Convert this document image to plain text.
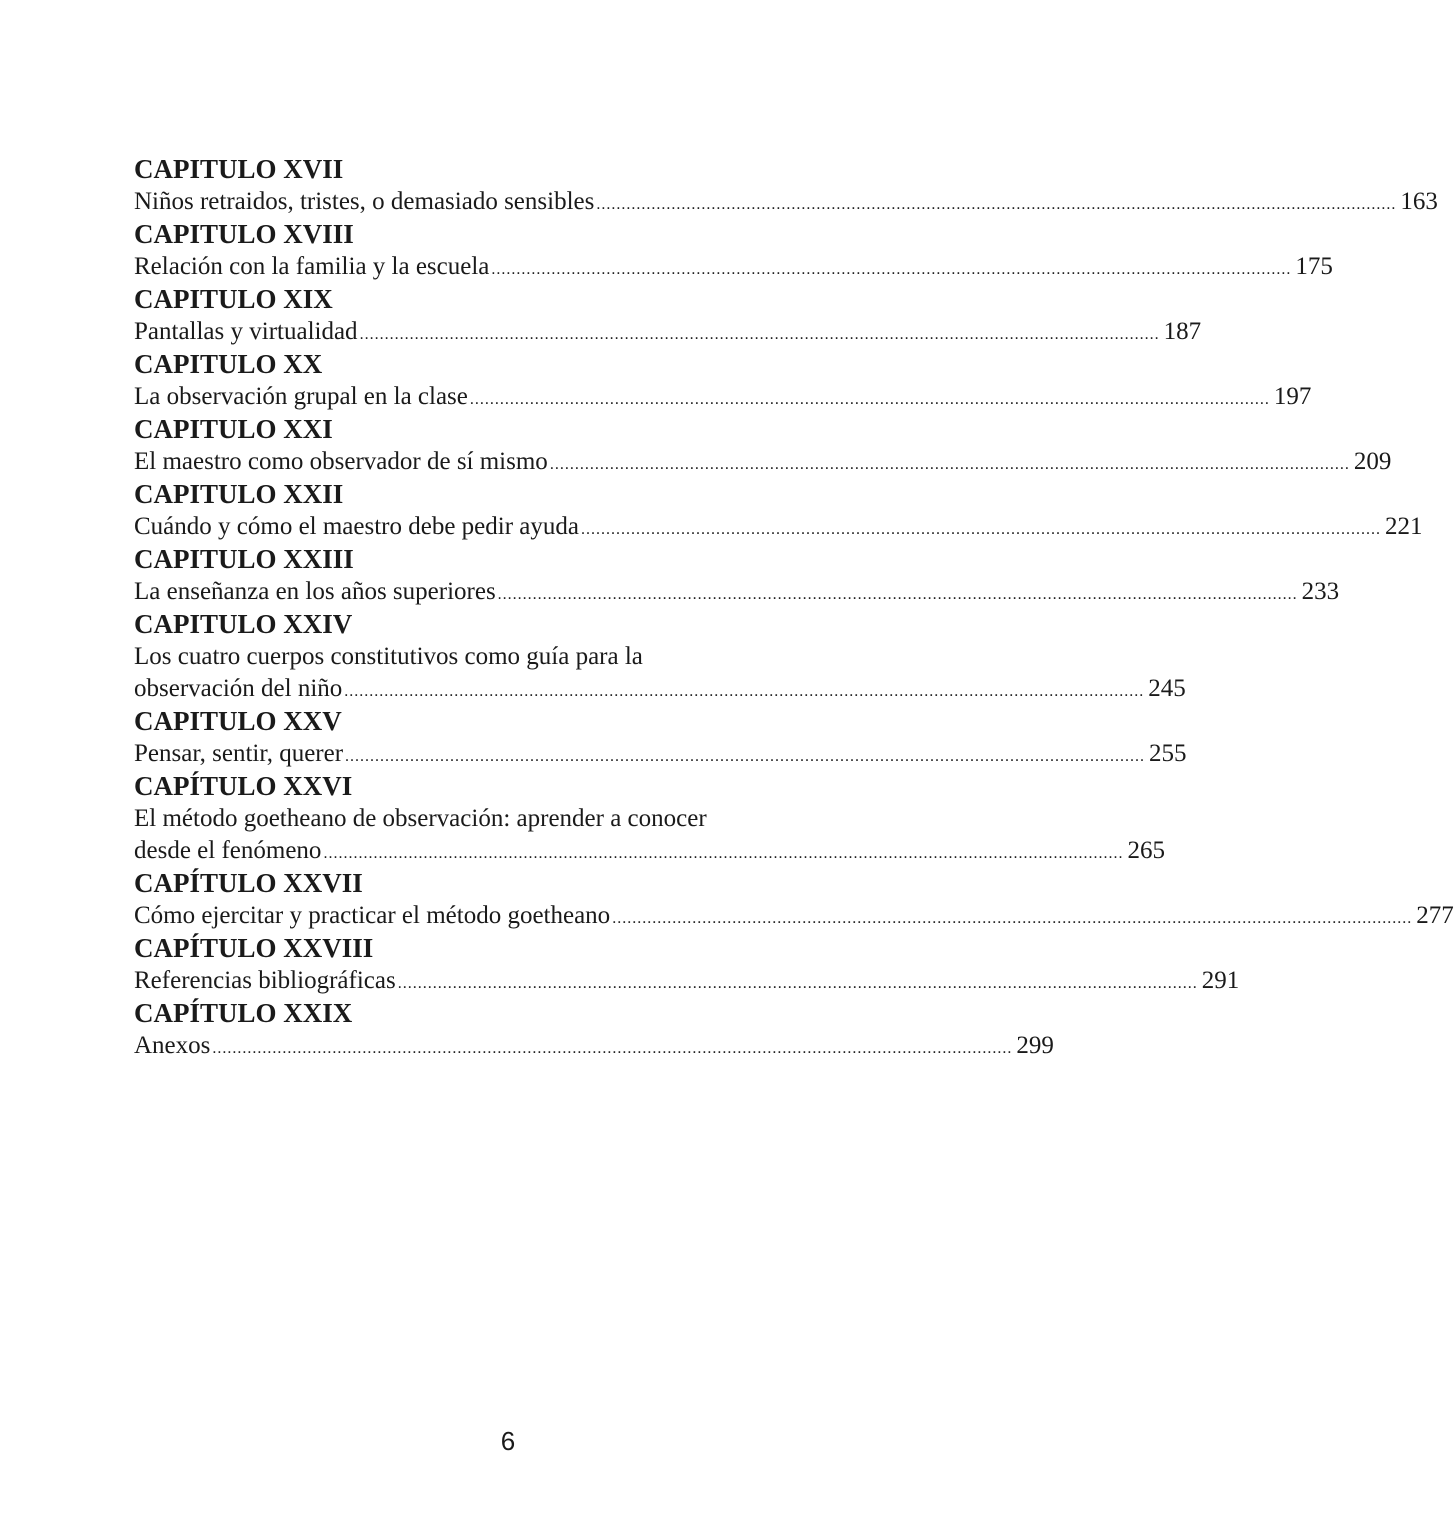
CAPITULO XVII
Niños retraidos, tristes, o demasiado sensibles ................................................................................................................................................................ 163
CAPITULO XVIII
Relación con la familia y la escuela ................................................................................................................................................................ 175
CAPITULO XIX
Pantallas y virtualidad ................................................................................................................................................................ 187
CAPITULO XX
La observación grupal en la clase ................................................................................................................................................................ 197
CAPITULO XXI
El maestro como observador de sí mismo ................................................................................................................................................................ 209
CAPITULO XXII
Cuándo y cómo el maestro debe pedir ayuda ................................................................................................................................................................ 221
CAPITULO XXIII
La enseñanza en los años superiores ................................................................................................................................................................ 233
CAPITULO XXIV
Los cuatro cuerpos constitutivos como guía para la
observación del niño ................................................................................................................................................................ 245
CAPITULO XXV
Pensar, sentir, querer ................................................................................................................................................................ 255
CAPÍTULO XXVI
El método goetheano de observación: aprender a conocer
desde el fenómeno ................................................................................................................................................................ 265
CAPÍTULO XXVII
Cómo ejercitar y practicar el método goetheano ................................................................................................................................................................ 277
CAPÍTULO XXVIII
Referencias bibliográficas ................................................................................................................................................................ 291
CAPÍTULO XXIX
Anexos ................................................................................................................................................................ 299
6
